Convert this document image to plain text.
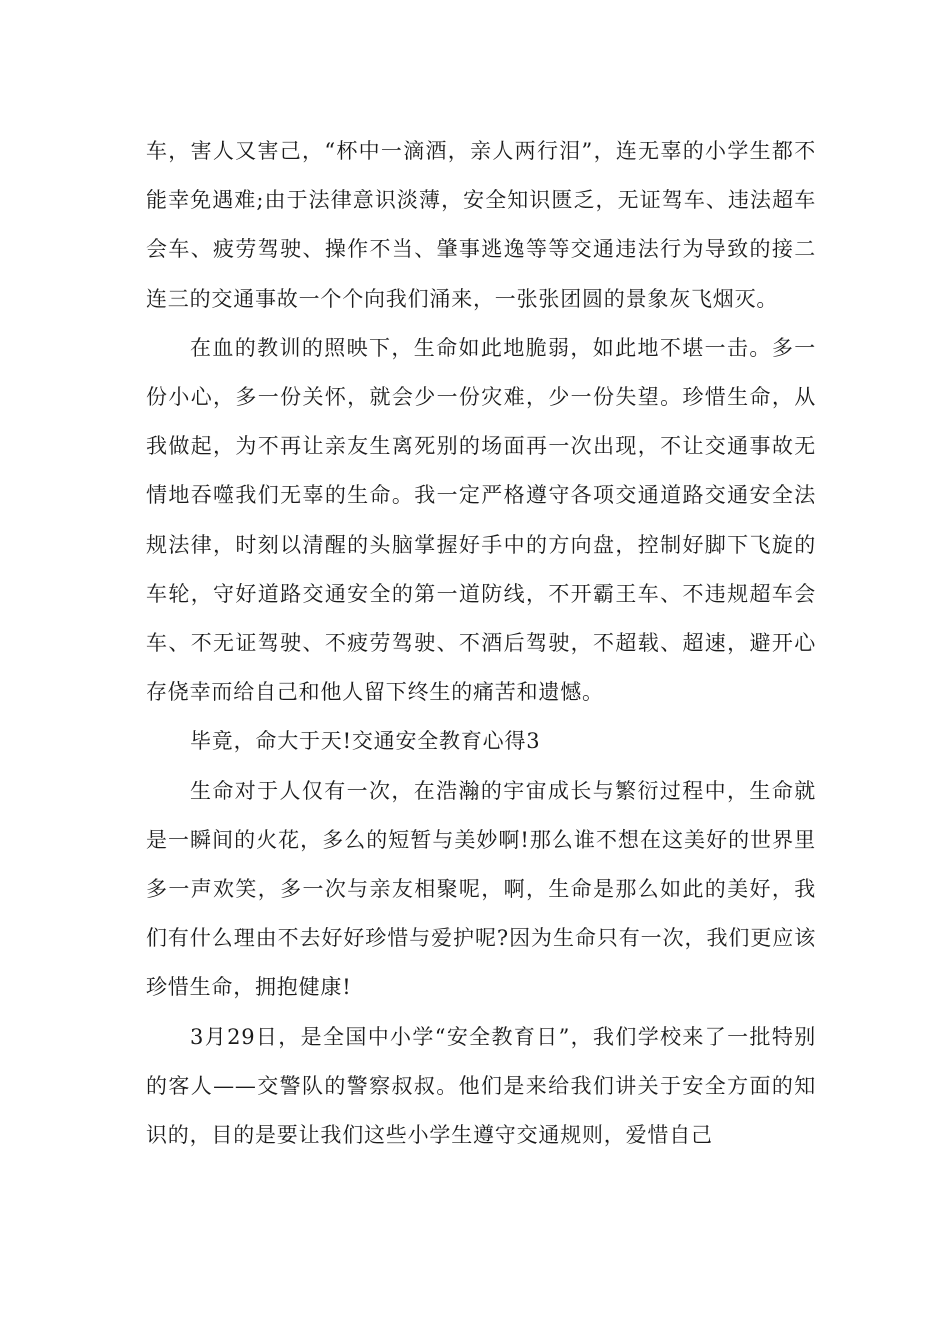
车，害人又害己，“杯中一滴酒，亲人两行泪”，连无辜的小学生都不能幸免遇难;由于法律意识淡薄，安全知识匮乏，无证驾车、违法超车会车、疲劳驾驶、操作不当、肇事逃逸等等交通违法行为导致的接二连三的交通事故一个个向我们涌来，一张张团圆的景象灰飞烟灭。

在血的教训的照映下，生命如此地脆弱，如此地不堪一击。多一份小心，多一份关怀，就会少一份灾难，少一份失望。珍惜生命，从我做起，为不再让亲友生离死别的场面再一次出现，不让交通事故无情地吞噬我们无辜的生命。我一定严格遵守各项交通道路交通安全法规法律，时刻以清醒的头脑掌握好手中的方向盘，控制好脚下飞旋的车轮，守好道路交通安全的第一道防线，不开霸王车、不违规超车会车、不无证驾驶、不疲劳驾驶、不酒后驾驶，不超载、超速，避开心存侥幸而给自己和他人留下终生的痛苦和遗憾。

毕竟，命大于天!交通安全教育心得3

生命对于人仅有一次，在浩瀚的宇宙成长与繁衍过程中，生命就是一瞬间的火花，多么的短暂与美妙啊!那么谁不想在这美好的世界里多一声欢笑，多一次与亲友相聚呢，啊，生命是那么如此的美好，我们有什么理由不去好好珍惜与爱护呢?因为生命只有一次，我们更应该珍惜生命，拥抱健康!

3月29日，是全国中小学“安全教育日”，我们学校来了一批特别的客人——交警队的警察叔叔。他们是来给我们讲关于安全方面的知识的，目的是要让我们这些小学生遵守交通规则，爱惜自己
